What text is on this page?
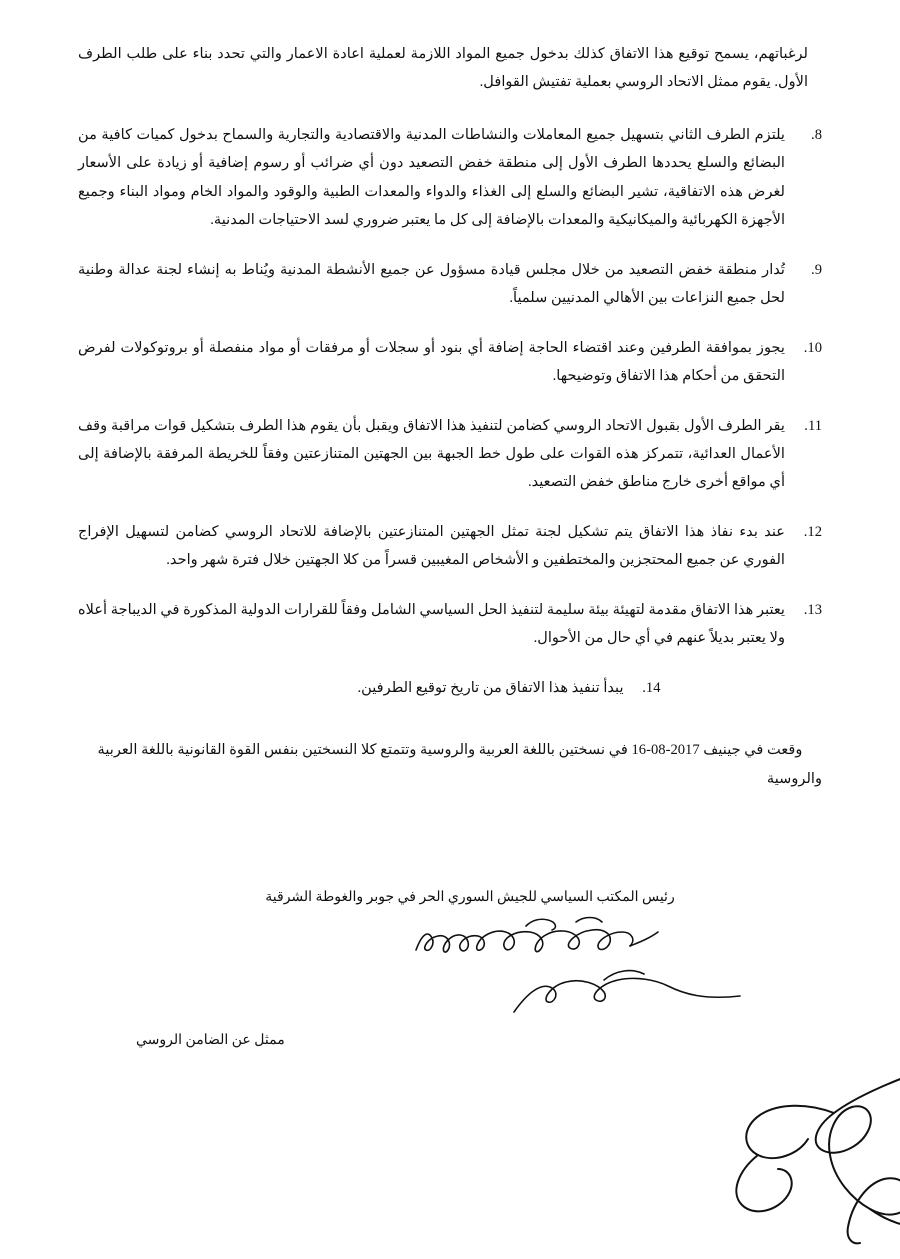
لرغباتهم، يسمح توقيع هذا الاتفاق كذلك بدخول جميع المواد اللازمة لعملية اعادة الاعمار والتي تحدد بناء على طلب الطرف الأول. يقوم ممثل الاتحاد الروسي بعملية تفتيش القوافل.

8.
يلتزم الطرف الثاني بتسهيل جميع المعاملات والنشاطات المدنية والاقتصادية والتجارية والسماح بدخول كميات كافية من البضائع والسلع يحددها الطرف الأول إلى منطقة خفض التصعيد دون أي ضرائب أو رسوم إضافية أو زيادة على الأسعار لغرض هذه الاتفاقية، تشير البضائع والسلع إلى الغذاء والدواء والمعدات الطبية والوقود والمواد الخام ومواد البناء وجميع الأجهزة الكهربائية والميكانيكية والمعدات بالإضافة إلى كل ما يعتبر ضروري لسد الاحتياجات المدنية.
9.
تُدار منطقة خفض التصعيد من خلال مجلس قيادة مسؤول عن جميع الأنشطة المدنية ويُناط به إنشاء لجنة عدالة وطنية لحل جميع النزاعات بين الأهالي المدنيين سلمياً.
10.
يجوز بموافقة الطرفين وعند اقتضاء الحاجة إضافة أي بنود أو سجلات أو مرفقات أو مواد منفصلة أو بروتوكولات لفرض التحقق من أحكام هذا الاتفاق وتوضيحها.
11.
يقر الطرف الأول بقبول الاتحاد الروسي كضامن لتنفيذ هذا الاتفاق ويقبل بأن يقوم هذا الطرف بتشكيل قوات مراقبة وقف الأعمال العدائية، تتمركز هذه القوات على طول خط الجبهة بين الجهتين المتنازعتين وفقاً للخريطة المرفقة بالإضافة إلى أي مواقع أخرى خارج مناطق خفض التصعيد.
12.
عند بدء نفاذ هذا الاتفاق يتم تشكيل لجنة تمثل الجهتين المتنازعتين بالإضافة للاتحاد الروسي كضامن لتسهيل الإفراج الفوري عن جميع المحتجزين والمختطفين و الأشخاص المغيبين قسراً من كلا الجهتين خلال فترة شهر واحد.
13.
يعتبر هذا الاتفاق مقدمة لتهيئة بيئة سليمة لتنفيذ الحل السياسي الشامل وفقاً للقرارات الدولية المذكورة في الديباجة أعلاه ولا يعتبر بديلاً عنهم في أي حال من الأحوال.
14.
يبدأ تنفيذ هذا الاتفاق من تاريخ توقيع الطرفين.

وقعت في جينيف 2017-08-16 في نسختين باللغة العربية والروسية وتتمتع كلا النسختين بنفس القوة القانونية باللغة العربية والروسية

رئيس المكتب السياسي للجيش السوري الحر في جوبر والغوطة الشرقية

ممثل عن الضامن الروسي
